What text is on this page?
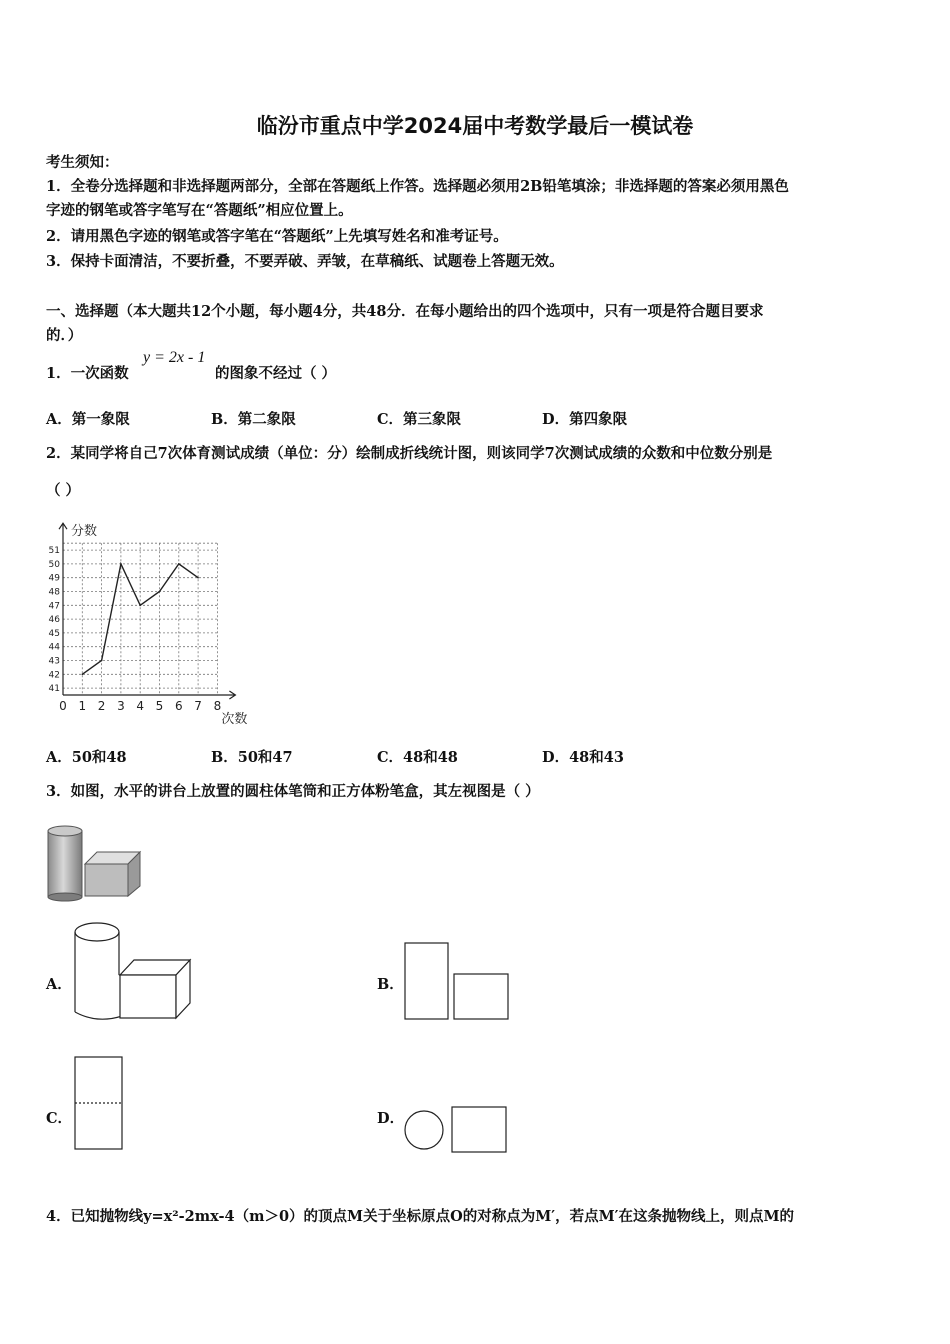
临汾市重点中学2024届中考数学最后一模试卷
考生须知：
1．全卷分选择题和非选择题两部分，全部在答题纸上作答。选择题必须用2B铅笔填涂；非选择题的答案必须用黑色
字迹的钢笔或答字笔写在“答题纸”相应位置上。
2．请用黑色字迹的钢笔或答字笔在“答题纸”上先填写姓名和准考证号。
3．保持卡面清洁，不要折叠，不要弄破、弄皱，在草稿纸、试题卷上答题无效。
一、选择题（本大题共12个小题，每小题4分，共48分．在每小题给出的四个选项中，只有一项是符合题目要求
的．）
1．一次函数
y = 2x - 1
的图象不经过（ ）
A．第一象限	B．第二象限	C．第三象限	D．第四象限
2．某同学将自己7次体育测试成绩（单位：分）绘制成折线统计图，则该同学7次测试成绩的众数和中位数分别是
（ ）
41
42
43
44
45
46
47
48
49
50
51
0 1 2 3 4 5 6 7 8
分数
次数
A．50和48	B．50和47	C．48和48	D．48和43
3．如图，水平的讲台上放置的圆柱体笔筒和正方体粉笔盒，其左视图是（ ）
A．	B．
C．	D．
4．已知抛物线y=x²-2mx-4（m＞0）的顶点M关于坐标原点O的对称点为M′，若点M′在这条抛物线上，则点M的
